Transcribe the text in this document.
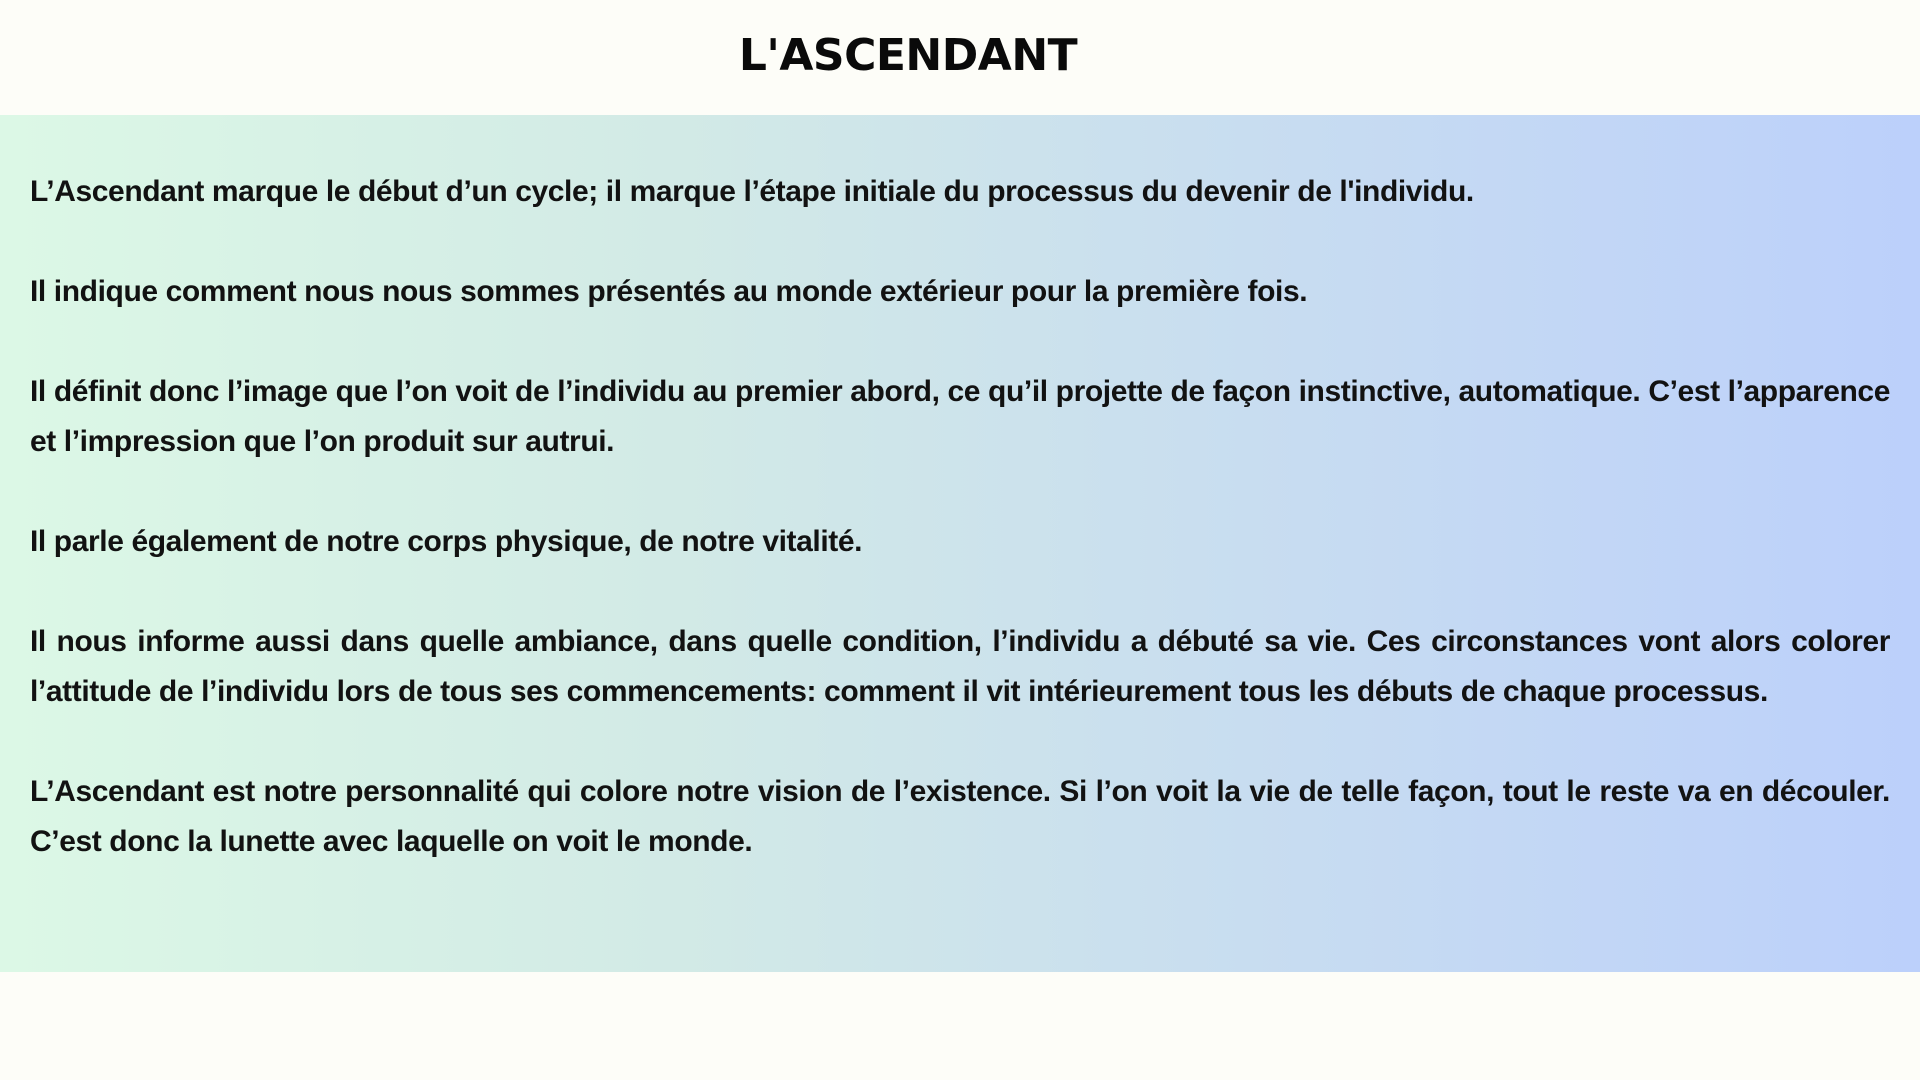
L'ASCENDANT

L’Ascendant marque le début d’un cycle; il marque l’étape initiale du processus du devenir de l'individu.

Il indique comment nous nous sommes présentés au monde extérieur pour la première fois.

Il définit donc l’image que l’on voit de l’individu au premier abord, ce qu’il projette de façon instinctive, automatique. C’est l’apparence et l’impression que l’on produit sur autrui.

Il parle également de notre corps physique, de notre vitalité.

Il nous informe aussi dans quelle ambiance, dans quelle condition, l’individu a débuté sa vie. Ces circonstances vont alors colorer l’attitude de l’individu lors de tous ses commencements: comment il vit intérieurement tous les débuts de chaque processus.

L’Ascendant est notre personnalité qui colore notre vision de l’existence. Si l’on voit la vie de telle façon, tout le reste va en découler. C’est donc la lunette avec laquelle on voit le monde.
